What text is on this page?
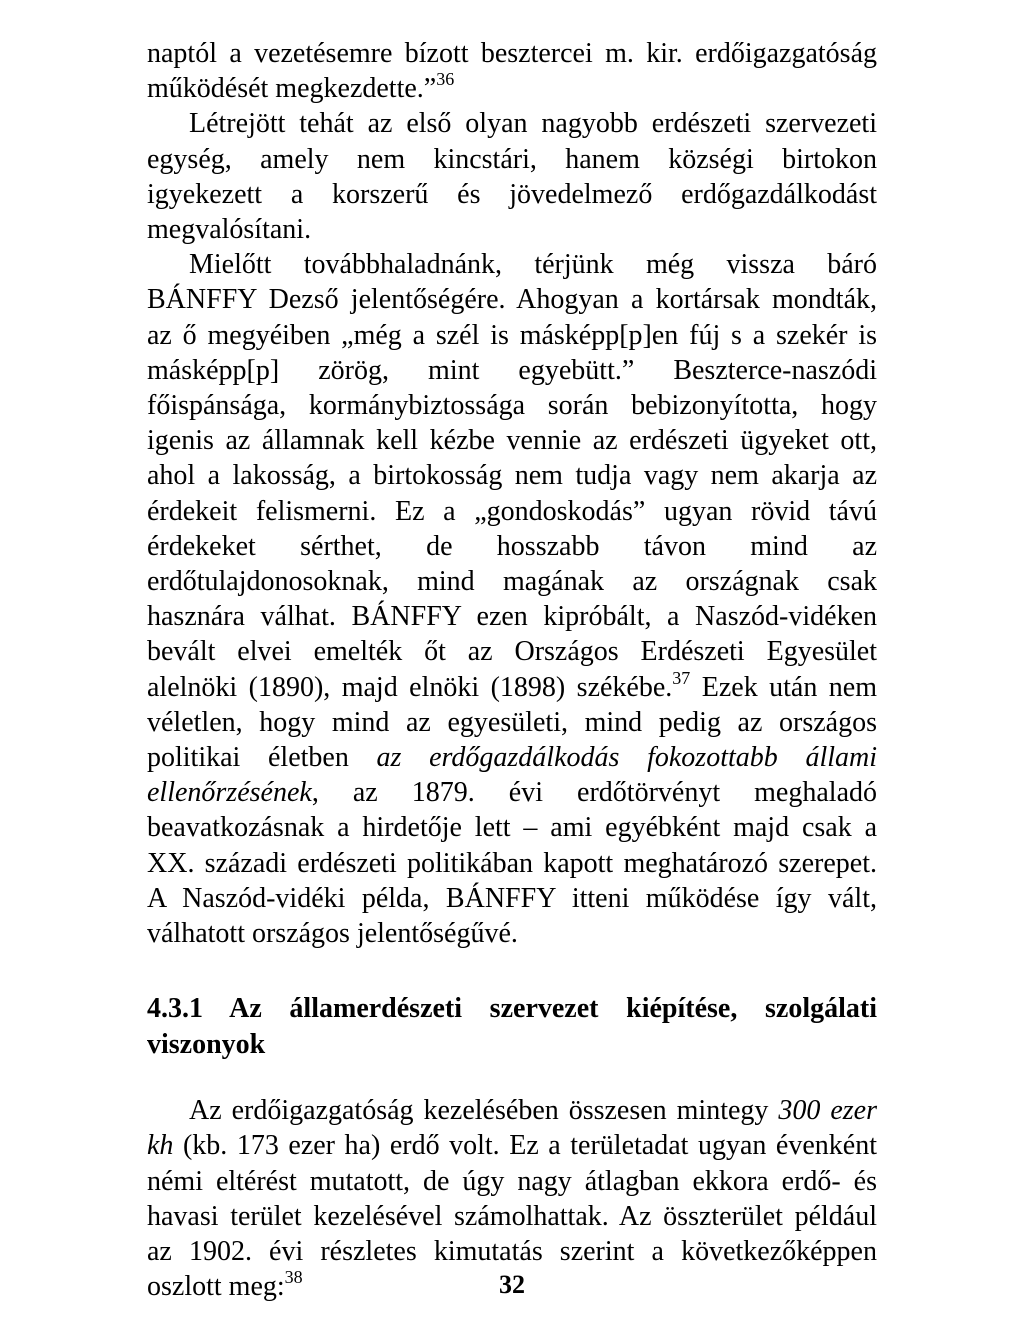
naptól a vezetésemre bízott besztercei m. kir. erdőigazgatóság
működését megkezdette.”$^{36}$

Létrejött tehát az első olyan nagyobb erdészeti szervezeti
egység, amely nem kincstári, hanem községi birtokon
igyekezett a korszerű és jövedelmező erdőgazdálkodást
megvalósítani.

Mielőtt továbbhaladnánk, térjünk még vissza báró
BÁNFFY Dezső jelentőségére. Ahogyan a kortársak mondták,
az ő megyéiben „még a szél is másképp[p]en fúj s a szekér is
másképp[p] zörög, mint egyebütt.” Beszterce-naszódi
főispánsága, kormánybiztossága során bebizonyította, hogy
igenis az államnak kell kézbe vennie az erdészeti ügyeket ott,
ahol a lakosság, a birtokosság nem tudja vagy nem akarja az
érdekeit felismerni. Ez a „gondoskodás” ugyan rövid távú
érdekeket sérthet, de hosszabb távon mind az
erdőtulajdonosoknak, mind magának az országnak csak
hasznára válhat. BÁNFFY ezen kipróbált, a Naszód-vidéken
bevált elvei emelték őt az Országos Erdészeti Egyesület
alelnöki (1890), majd elnöki (1898) székébe.$^{37}$ Ezek után nem
véletlen, hogy mind az egyesületi, mind pedig az országos
politikai életben az erdőgazdálkodás fokozottabb állami
ellenőrzésének, az 1879. évi erdőtörvényt meghaladó
beavatkozásnak a hirdetője lett – ami egyébként majd csak a
XX. századi erdészeti politikában kapott meghatározó szerepet.
A Naszód-vidéki példa, BÁNFFY itteni működése így vált,
válhatott országos jelentőségűvé.

4.3.1 Az államerdészeti szervezet kiépítése, szolgálati
viszonyok

Az erdőigazgatóság kezelésében összesen mintegy 300 ezer
kh (kb. 173 ezer ha) erdő volt. Ez a területadat ugyan évenként
némi eltérést mutatott, de úgy nagy átlagban ekkora erdő- és
havasi terület kezelésével számolhattak. Az összterület például
az 1902. évi részletes kimutatás szerint a következőképpen
oszlott meg:$^{38}$	32
